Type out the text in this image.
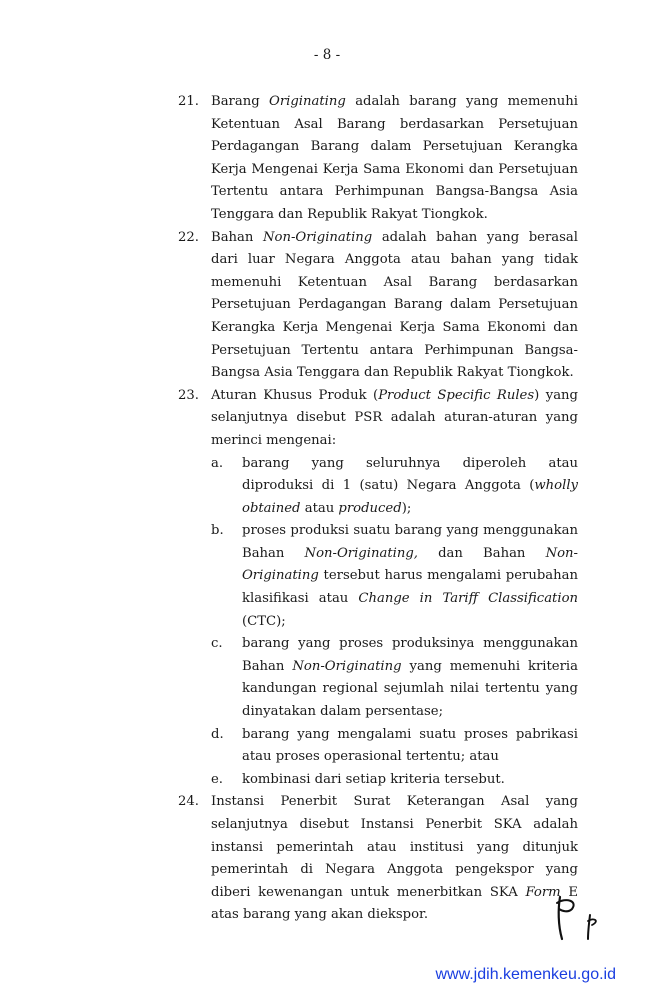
- 8 -
21. Barang Originating adalah barang yang memenuhi Ketentuan Asal Barang berdasarkan Persetujuan Perdagangan Barang dalam Persetujuan Kerangka Kerja Mengenai Kerja Sama Ekonomi dan Persetujuan Tertentu antara Perhimpunan Bangsa-Bangsa Asia Tenggara dan Republik Rakyat Tiongkok.
22. Bahan Non-Originating adalah bahan yang berasal dari luar Negara Anggota atau bahan yang tidak memenuhi Ketentuan Asal Barang berdasarkan Persetujuan Perdagangan Barang dalam Persetujuan Kerangka Kerja Mengenai Kerja Sama Ekonomi dan Persetujuan Tertentu antara Perhimpunan Bangsa-Bangsa Asia Tenggara dan Republik Rakyat Tiongkok.
23. Aturan Khusus Produk (Product Specific Rules) yang selanjutnya disebut PSR adalah aturan-aturan yang merinci mengenai:
a. barang yang seluruhnya diperoleh atau diproduksi di 1 (satu) Negara Anggota (wholly obtained atau produced);
b. proses produksi suatu barang yang menggunakan Bahan Non-Originating, dan Bahan Non-Originating tersebut harus mengalami perubahan klasifikasi atau Change in Tariff Classification (CTC);
c. barang yang proses produksinya menggunakan Bahan Non-Originating yang memenuhi kriteria kandungan regional sejumlah nilai tertentu yang dinyatakan dalam persentase;
d. barang yang mengalami suatu proses pabrikasi atau proses operasional tertentu; atau
e. kombinasi dari setiap kriteria tersebut.
24. Instansi Penerbit Surat Keterangan Asal yang selanjutnya disebut Instansi Penerbit SKA adalah instansi pemerintah atau institusi yang ditunjuk pemerintah di Negara Anggota pengekspor yang diberi kewenangan untuk menerbitkan SKA Form E atas barang yang akan diekspor.
www.jdih.kemenkeu.go.id
